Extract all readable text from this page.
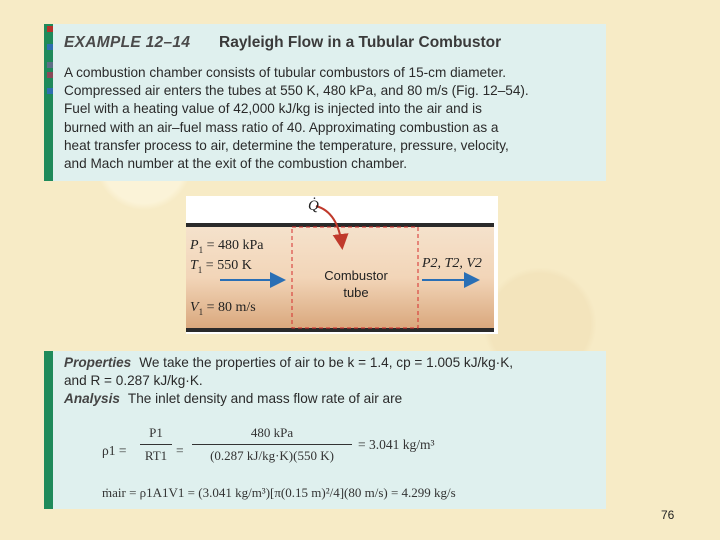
EXAMPLE 12–14 Rayleigh Flow in a Tubular Combustor
A combustion chamber consists of tubular combustors of 15-cm diameter.
Compressed air enters the tubes at 550 K, 480 kPa, and 80 m/s (Fig. 12–54).
Fuel with a heating value of 42,000 kJ/kg is injected into the air and is
burned with an air–fuel mass ratio of 40. Approximating combustion as a
heat transfer process to air, determine the temperature, pressure, velocity,
and Mach number at the exit of the combustion chamber.
Q̇
$P_1 = 480$ kPa
$T_1 = 550$ K
$V_1 = 80$ m/s
Combustor
tube
P2, T2, V2
Properties We take the properties of air to be k = 1.4, cp = 1.005 kJ/kg·K,
and R = 0.287 kJ/kg·K.
Analysis The inlet density and mass flow rate of air are
ρ1 =
P1
RT1 =
480 kPa
(0.287 kJ/kg·K)(550 K)
= 3.041 kg/m³
ṁair = ρ1A1V1 = (3.041 kg/m³)[π(0.15 m)²/4](80 m/s) = 4.299 kg/s
76
